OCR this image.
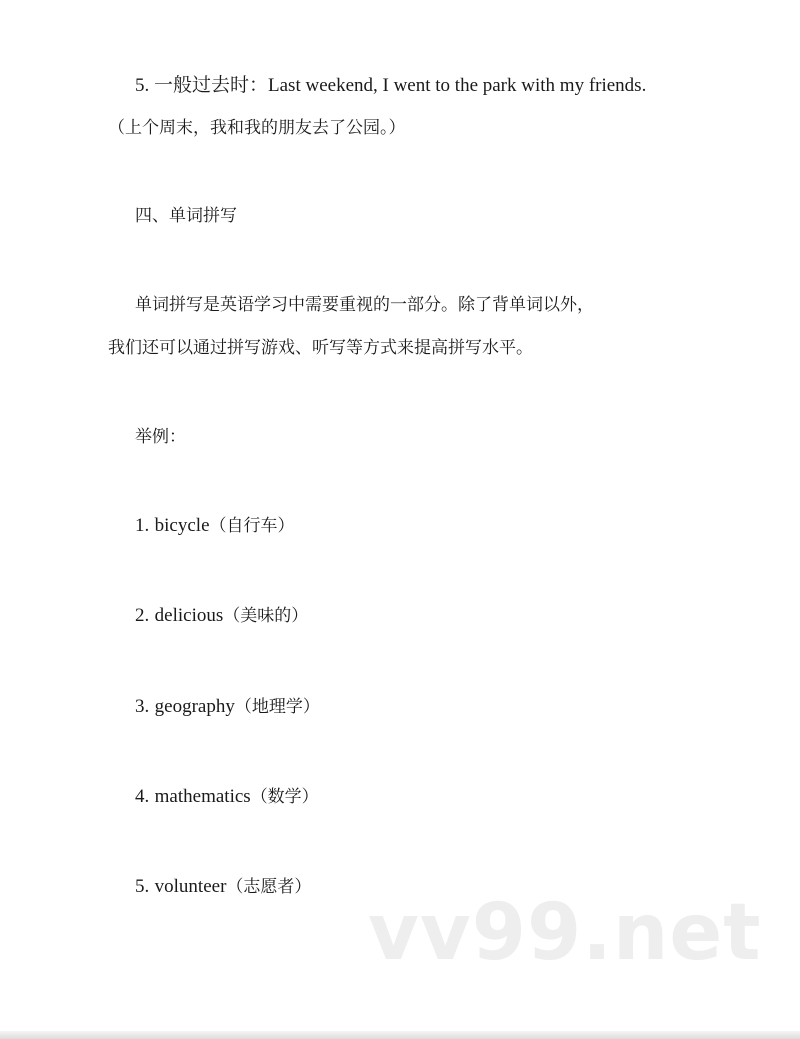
5. 一般过去时：Last weekend, I went to the park with my friends.
（上个周末，我和我的朋友去了公园。）
四、单词拼写
单词拼写是英语学习中需要重视的一部分。除了背单词以外，
我们还可以通过拼写游戏、听写等方式来提高拼写水平。
举例：
1. bicycle（自行车）
2. delicious（美味的）
3. geography（地理学）
4. mathematics（数学）
5. volunteer（志愿者）
vv99.net
